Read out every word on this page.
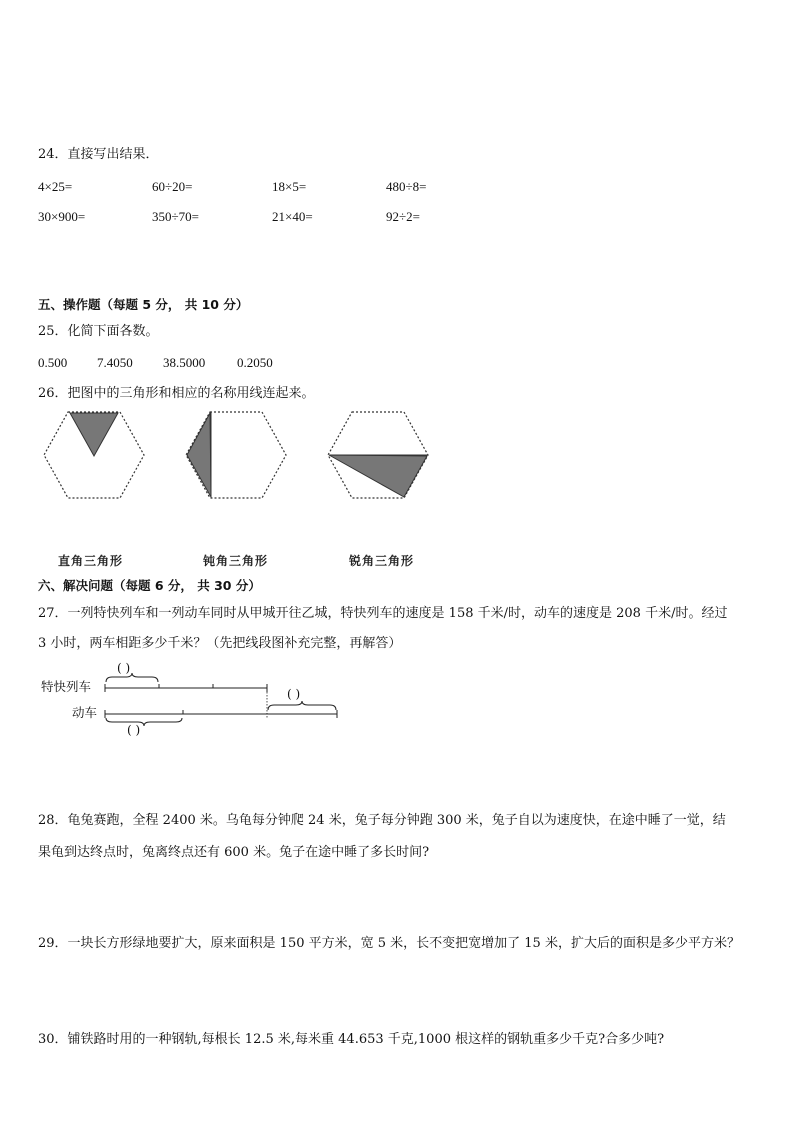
24．直接写出结果．
4×25=	60÷20=	18×5=	480÷8=
30×900=	350÷70=	21×40=	92÷2=
五、操作题（每题 5 分， 共 10 分）
25．化简下面各数。
0.500 7.4050 38.5000 0.2050
26．把图中的三角形和相应的名称用线连起来。
直角三角形	钝角三角形	锐角三角形
六、解决问题（每题 6 分， 共 30 分）
27．一列特快列车和一列动车同时从甲城开往乙城，特快列车的速度是 158 千米/时，动车的速度是 208 千米/时。经过
3 小时，两车相距多少千米？（先把线段图补充完整，再解答）
特快列车
动车
( )
( )
( )
28．龟兔赛跑，全程 2400 米。乌龟每分钟爬 24 米，兔子每分钟跑 300 米，兔子自以为速度快，在途中睡了一觉，结
果龟到达终点时，兔离终点还有 600 米。兔子在途中睡了多长时间?
29．一块长方形绿地要扩大，原来面积是 150 平方米，宽 5 米，长不变把宽增加了 15 米，扩大后的面积是多少平方米？
30．铺铁路时用的一种钢轨,每根长 12.5 米,每米重 44.653 千克,1000 根这样的钢轨重多少千克?合多少吨?
